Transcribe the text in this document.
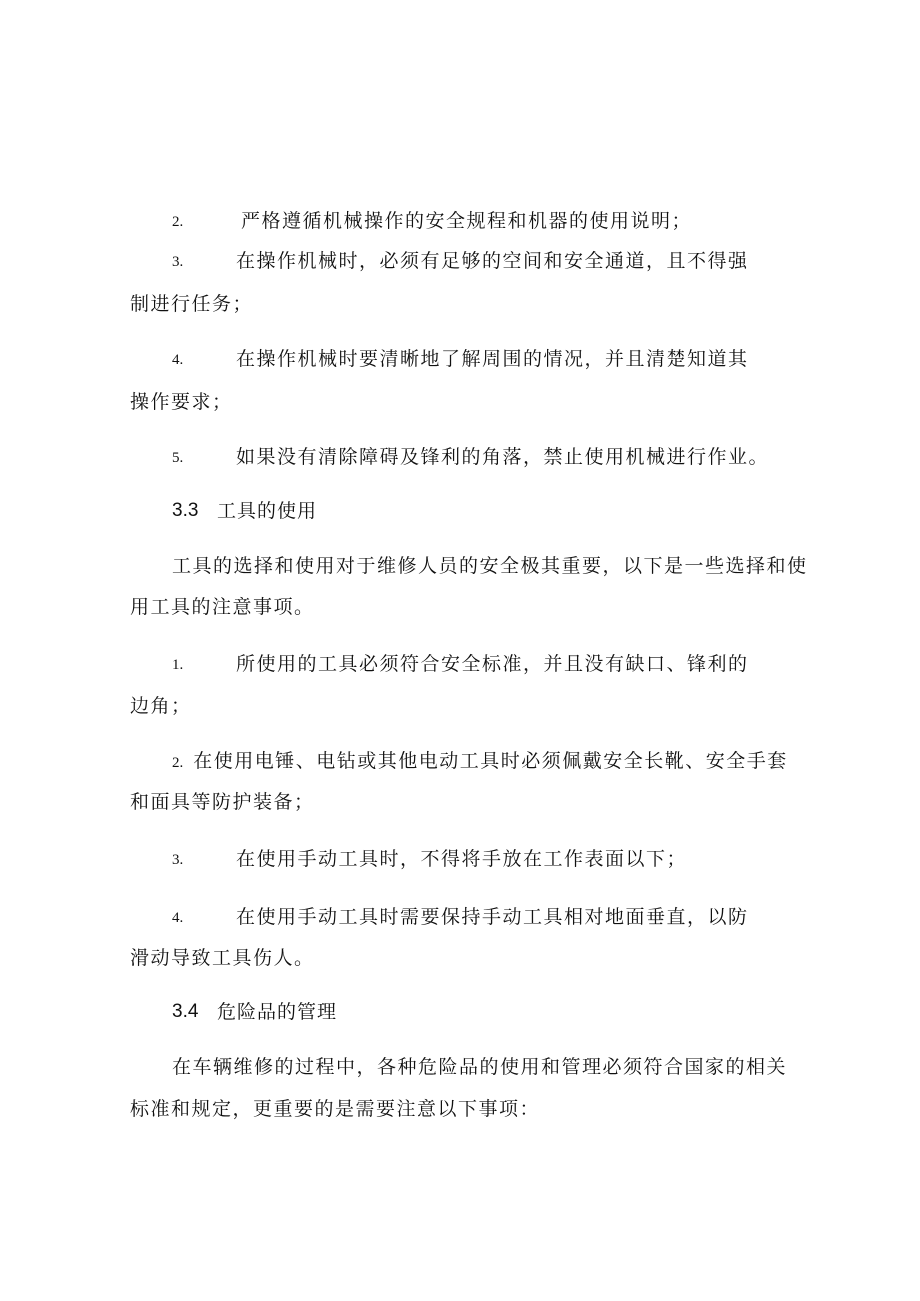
2.	严格遵循机械操作的安全规程和机器的使用说明；
3.	在操作机械时，必须有足够的空间和安全通道，且不得强
制进行任务；
4.	在操作机械时要清晰地了解周围的情况，并且清楚知道其
操作要求；
5.	如果没有清除障碍及锋利的角落，禁止使用机械进行作业。
3.3 工具的使用
工具的选择和使用对于维修人员的安全极其重要，以下是一些选择和使
用工具的注意事项。
1.	所使用的工具必须符合安全标准，并且没有缺口、锋利的
边角；
2. 在使用电锤、电钻或其他电动工具时必须佩戴安全长靴、安全手套
和面具等防护装备；
3.	在使用手动工具时，不得将手放在工作表面以下；
4.	在使用手动工具时需要保持手动工具相对地面垂直，以防
滑动导致工具伤人。
3.4 危险品的管理
在车辆维修的过程中，各种危险品的使用和管理必须符合国家的相关
标准和规定，更重要的是需要注意以下事项：
